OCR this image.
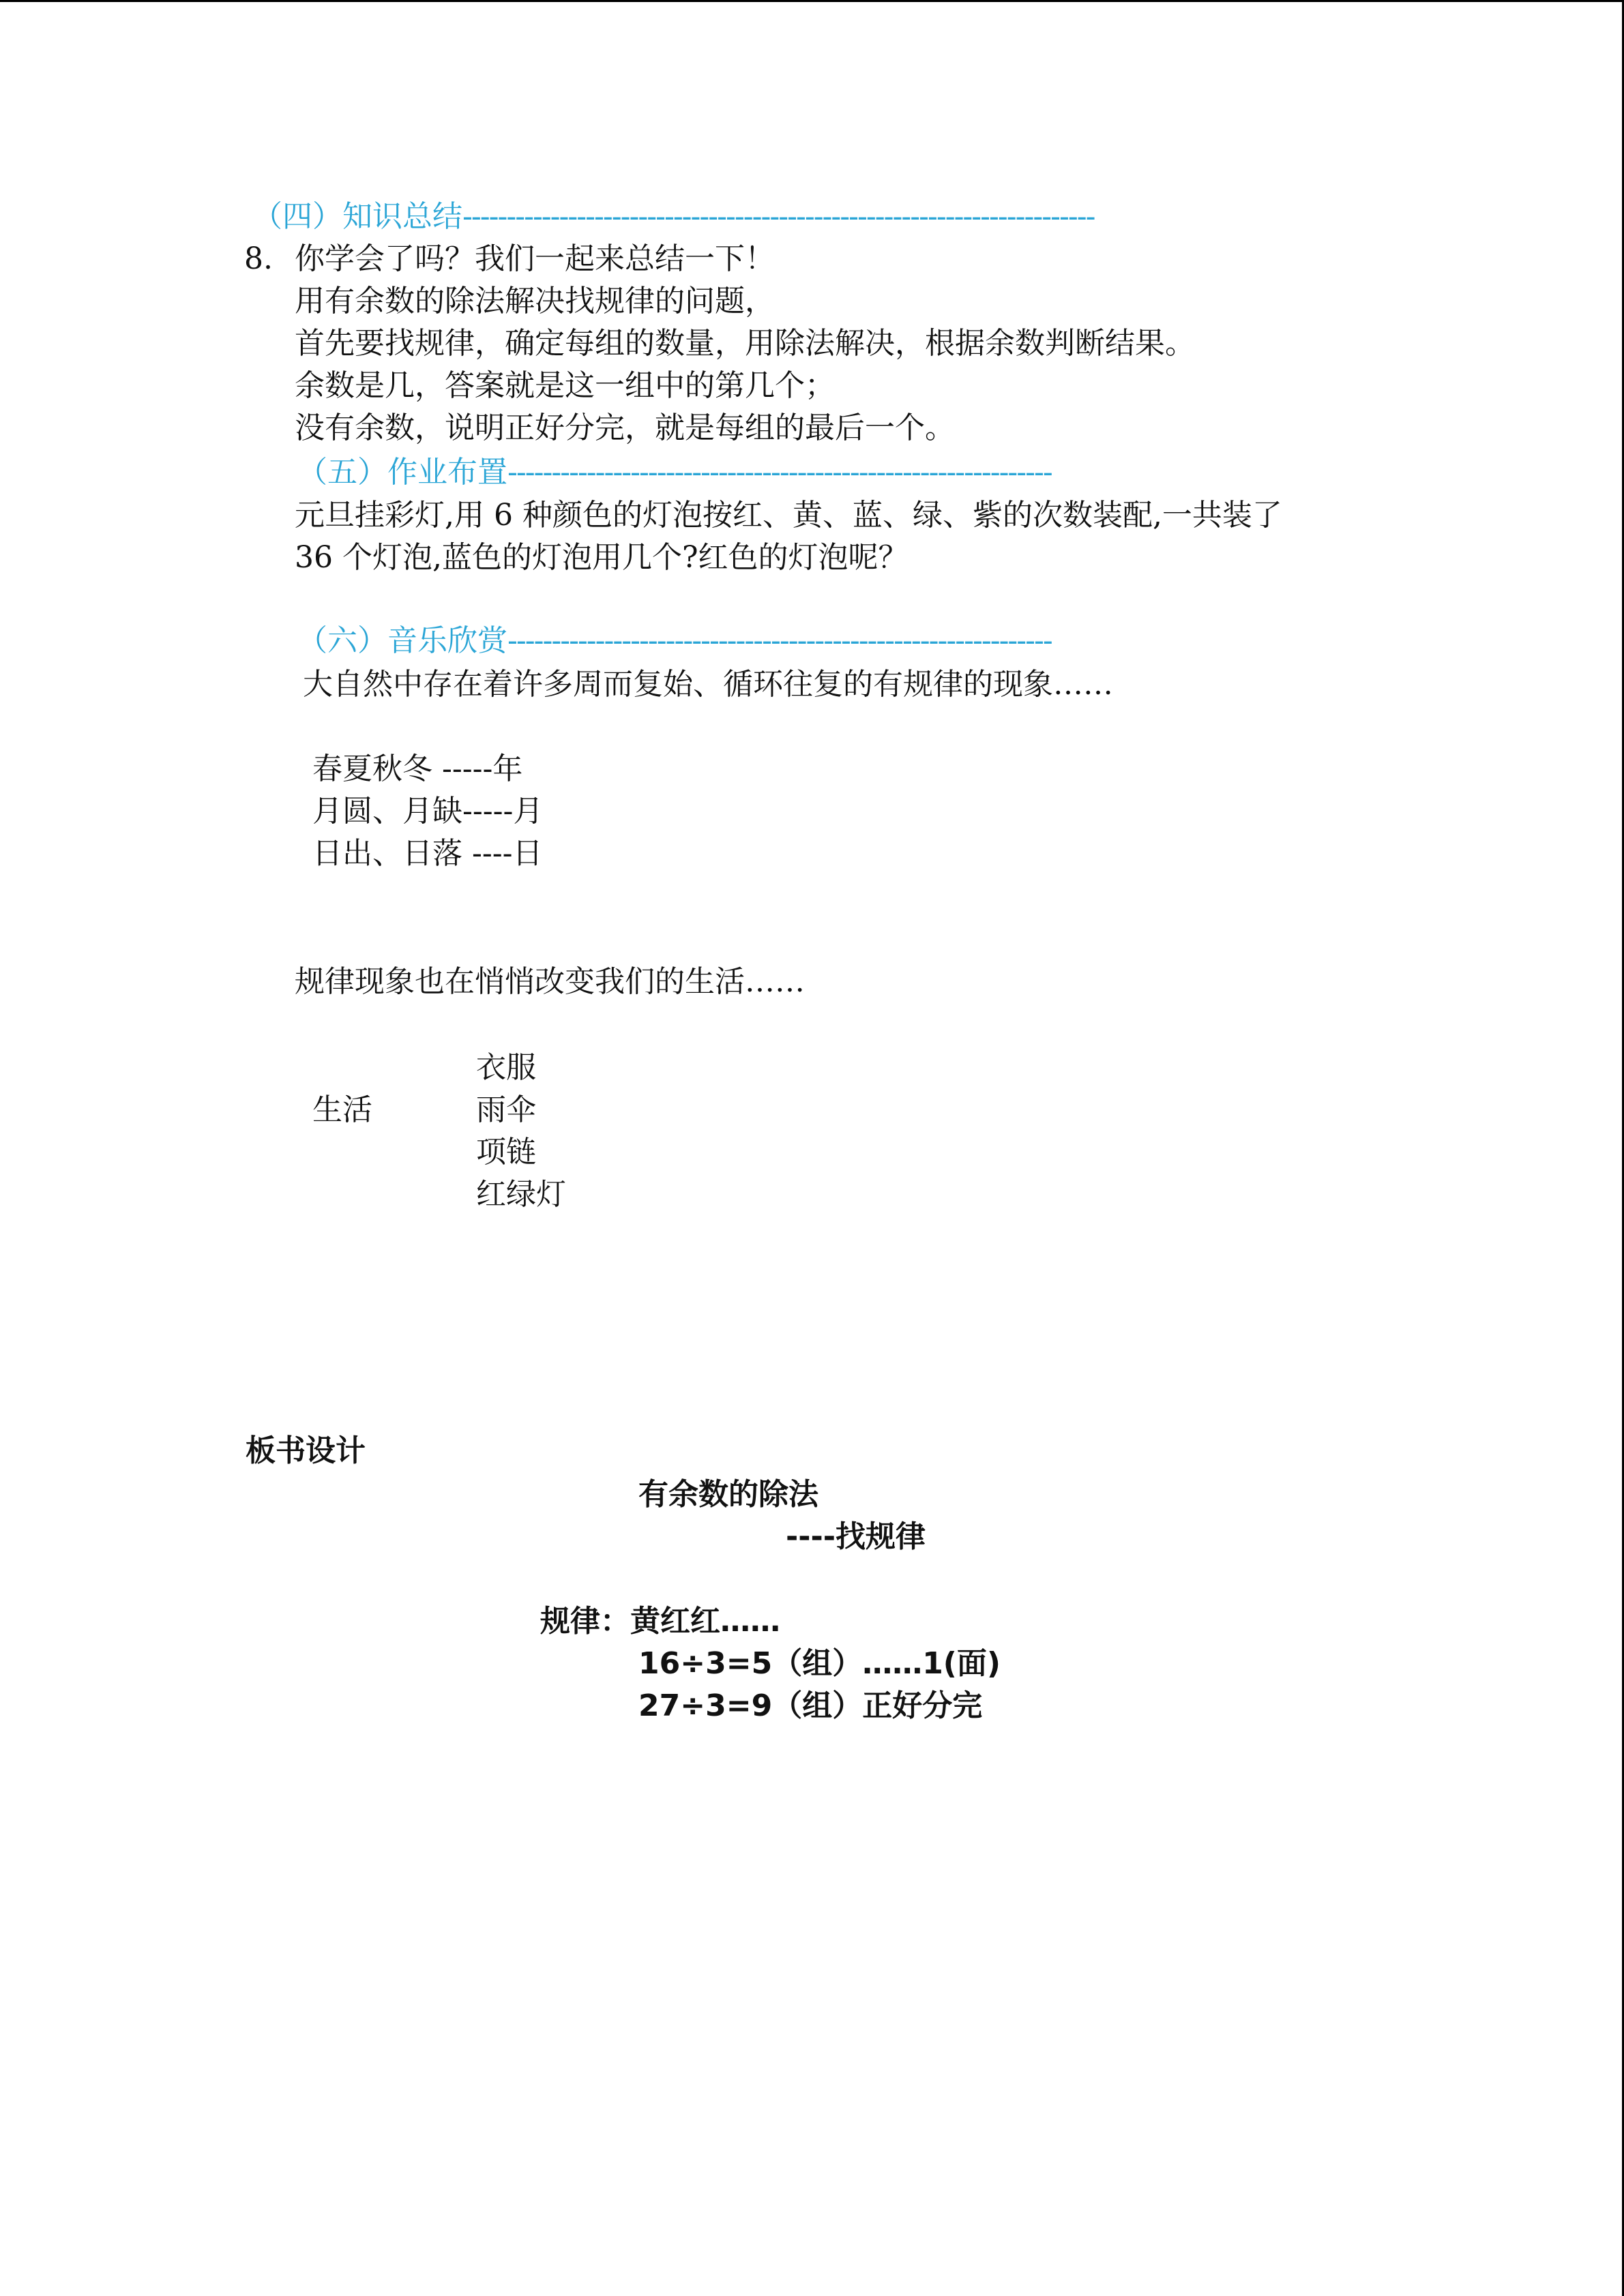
（四）知识总结------------------------------------------------------------------------
8. 你学会了吗？我们一起来总结一下！
用有余数的除法解决找规律的问题，
首先要找规律，确定每组的数量，用除法解决，根据余数判断结果。
余数是几，答案就是这一组中的第几个；
没有余数，说明正好分完，就是每组的最后一个。
（五）作业布置--------------------------------------------------------------
元旦挂彩灯,用 6 种颜色的灯泡按红、黄、蓝、绿、紫的次数装配,一共装了
36 个灯泡,蓝色的灯泡用几个?红色的灯泡呢？
（六）音乐欣赏--------------------------------------------------------------
大自然中存在着许多周而复始、循环往复的有规律的现象……
春夏秋冬 -----年
月圆、月缺-----月
日出、日落 ----日
规律现象也在悄悄改变我们的生活……
生活
衣服
雨伞
项链
红绿灯
板书设计
有余数的除法
----找规律
规律：黄红红……
16÷3=5（组）……1(面)
27÷3=9（组）正好分完
